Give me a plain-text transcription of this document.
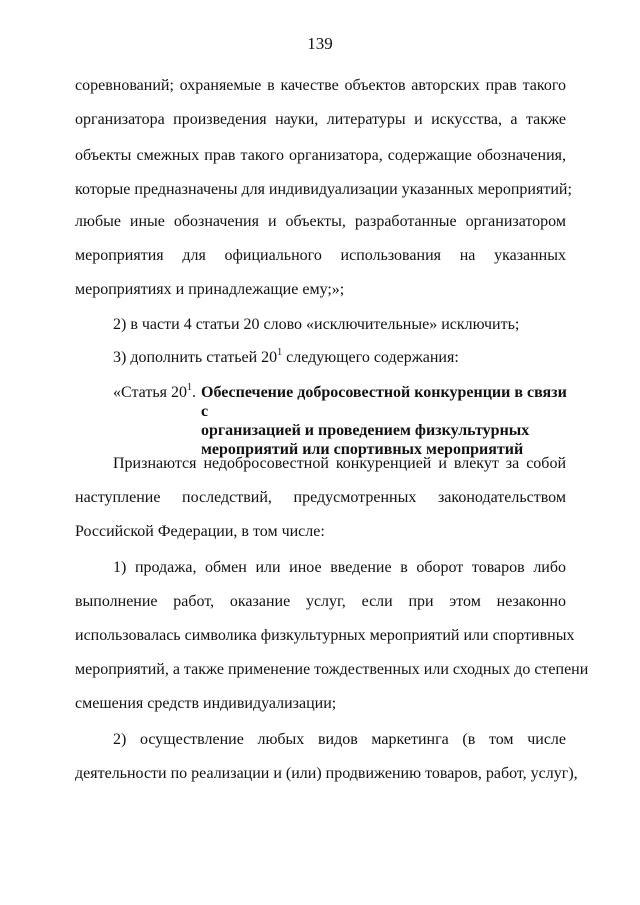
139
соревнований; охраняемые в качестве объектов авторских прав такого
организатора произведения науки, литературы и искусства, а также
объекты смежных прав такого организатора, содержащие обозначения,
которые предназначены для индивидуализации указанных мероприятий;
любые иные обозначения и объекты, разработанные организатором
мероприятия для официального использования на указанных
мероприятиях и принадлежащие ему;»;
2) в части 4 статьи 20 слово «исключительные» исключить;
3) дополнить статьей $20^1$ следующего содержания:
«Статья $20^1$. Обеспечение добросовестной конкуренции в связи с
организацией и проведением физкультурных
мероприятий или спортивных мероприятий
Признаются недобросовестной конкуренцией и влекут за собой
наступление последствий, предусмотренных законодательством
Российской Федерации, в том числе:
1) продажа, обмен или иное введение в оборот товаров либо
выполнение работ, оказание услуг, если при этом незаконно
использовалась символика физкультурных мероприятий или спортивных
мероприятий, а также применение тождественных или сходных до степени
смешения средств индивидуализации;
2) осуществление любых видов маркетинга (в том числе
деятельности по реализации и (или) продвижению товаров, работ, услуг),
